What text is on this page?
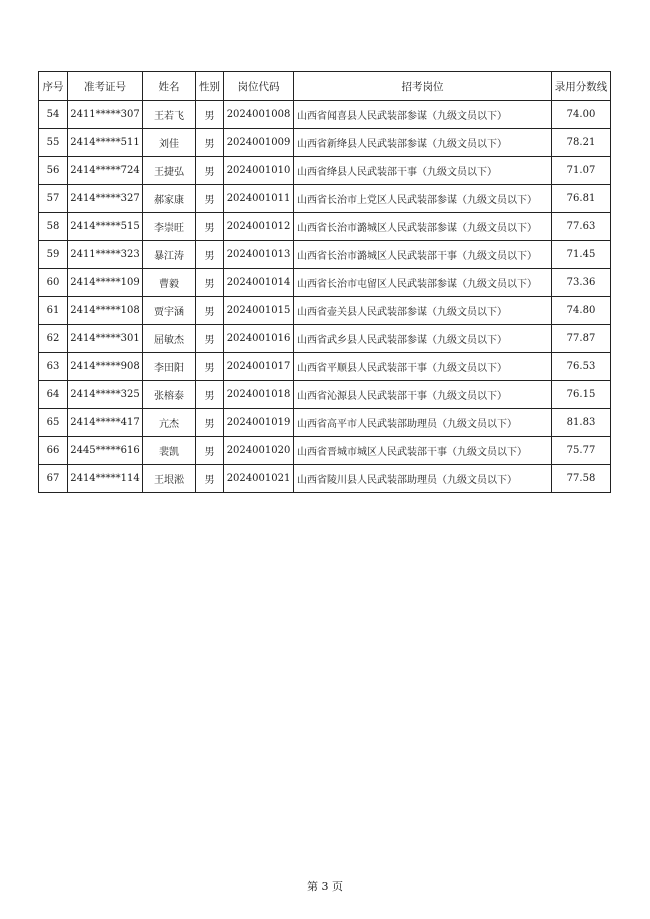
序号	准考证号	姓名	性别	岗位代码	招考岗位	录用分数线
54	2411*****307	王若飞	男	2024001008	山西省闻喜县人民武装部参谋（九级文员以下）	74.00
55	2414*****511	刘佳	男	2024001009	山西省新绛县人民武装部参谋（九级文员以下）	78.21
56	2414*****724	王捷弘	男	2024001010	山西省绛县人民武装部干事（九级文员以下）	71.07
57	2414*****327	郝家康	男	2024001011	山西省长治市上党区人民武装部参谋（九级文员以下）	76.81
58	2414*****515	李崇旺	男	2024001012	山西省长治市潞城区人民武装部参谋（九级文员以下）	77.63
59	2411*****323	暴江涛	男	2024001013	山西省长治市潞城区人民武装部干事（九级文员以下）	71.45
60	2414*****109	曹毅	男	2024001014	山西省长治市屯留区人民武装部参谋（九级文员以下）	73.36
61	2414*****108	贾宇涵	男	2024001015	山西省壶关县人民武装部参谋（九级文员以下）	74.80
62	2414*****301	屈敏杰	男	2024001016	山西省武乡县人民武装部参谋（九级文员以下）	77.87
63	2414*****908	李田阳	男	2024001017	山西省平顺县人民武装部干事（九级文员以下）	76.53
64	2414*****325	张榕泰	男	2024001018	山西省沁源县人民武装部干事（九级文员以下）	76.15
65	2414*****417	亢杰	男	2024001019	山西省高平市人民武装部助理员（九级文员以下）	81.83
66	2445*****616	裴凯	男	2024001020	山西省晋城市城区人民武装部干事（九级文员以下）	75.77
67	2414*****114	王垠淞	男	2024001021	山西省陵川县人民武装部助理员（九级文员以下）	77.58
第 3 页
